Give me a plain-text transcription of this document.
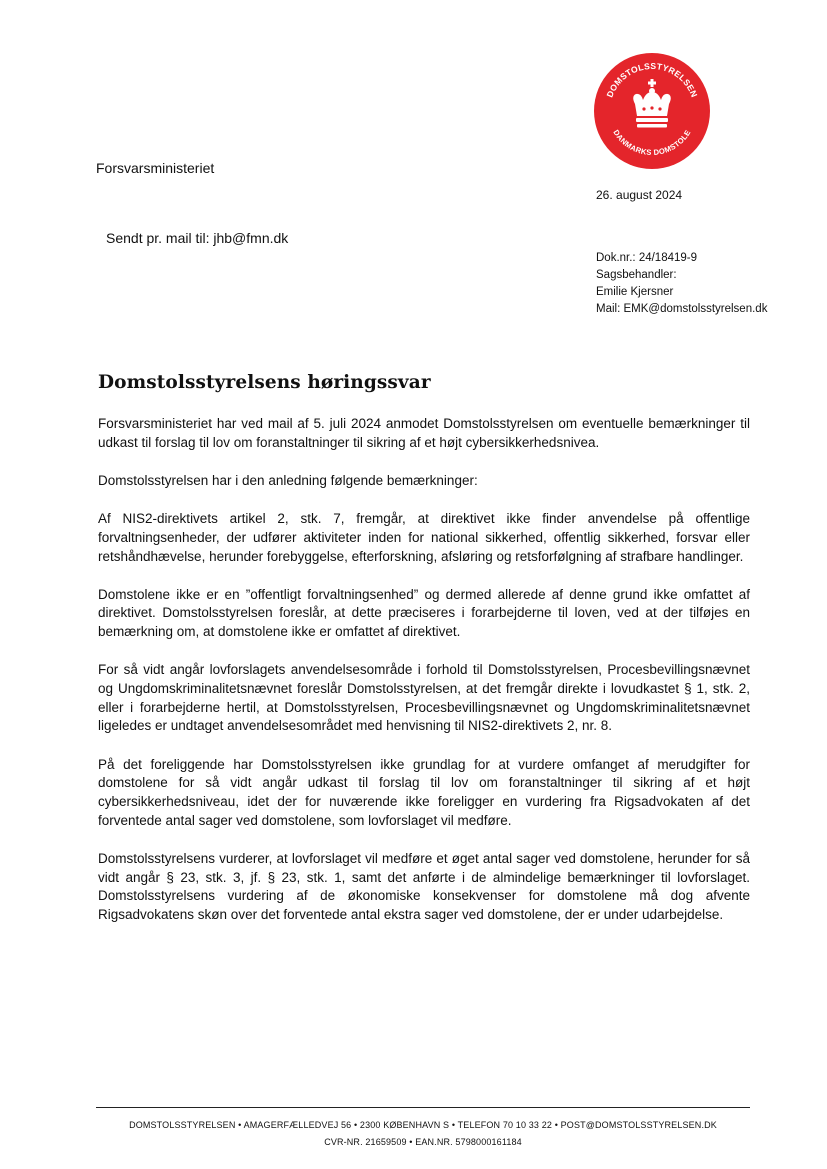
DOMSTOLSSTYRELSEN
DANMARKS DOMSTOLE
Forsvarsministeriet
26. august 2024
Sendt pr. mail til: jhb@fmn.dk
Dok.nr.: 24/18419-9
Sagsbehandler:
Emilie Kjersner
Mail: EMK@domstolsstyrelsen.dk
Domstolsstyrelsens høringssvar

Forsvarsministeriet har ved mail af 5. juli 2024 anmodet Domstolsstyrelsen om eventuelle bemærkninger til udkast til forslag til lov om foranstaltninger til sikring af et højt cybersikkerhedsnivea.

Domstolsstyrelsen har i den anledning følgende bemærkninger:

Af NIS2-direktivets artikel 2, stk. 7, fremgår, at direktivet ikke finder anvendelse på offentlige forvaltningsenheder, der udfører aktiviteter inden for national sikkerhed, offentlig sikkerhed, forsvar eller retshåndhævelse, herunder forebyggelse, efterforskning, afsløring og retsforfølgning af strafbare handlinger.

Domstolene ikke er en ”offentligt forvaltningsenhed” og dermed allerede af denne grund ikke omfattet af direktivet. Domstolsstyrelsen foreslår, at dette præciseres i forarbejderne til loven, ved at der tilføjes en bemærkning om, at domstolene ikke er omfattet af direktivet.

For så vidt angår lovforslagets anvendelsesområde i forhold til Domstolsstyrelsen, Procesbevillingsnævnet og Ungdomskriminalitetsnævnet foreslår Domstolsstyrelsen, at det fremgår direkte i lovudkastet § 1, stk. 2, eller i forarbejderne hertil, at Domstolsstyrelsen, Procesbevillingsnævnet og Ungdomskriminalitetsnævnet ligeledes er undtaget anvendelsesområdet med henvisning til NIS2-direktivets 2, nr. 8.

På det foreliggende har Domstolsstyrelsen ikke grundlag for at vurdere omfanget af merudgifter for domstolene for så vidt angår udkast til forslag til lov om foranstaltninger til sikring af et højt cybersikkerhedsniveau, idet der for nuværende ikke foreligger en vurdering fra Rigsadvokaten af det forventede antal sager ved domstolene, som lovforslaget vil medføre.

Domstolsstyrelsens vurderer, at lovforslaget vil medføre et øget antal sager ved domstolene, herunder for så vidt angår § 23, stk. 3, jf. § 23, stk. 1, samt det anførte i de almindelige bemærkninger til lovforslaget. Domstolsstyrelsens vurdering af de økonomiske konsekvenser for domstolene må dog afvente Rigsadvokatens skøn over det forventede antal ekstra sager ved domstolene, der er under udarbejdelse.

DOMSTOLSSTYRELSEN • AMAGERFÆLLEDVEJ 56 • 2300 KØBENHAVN S • TELEFON 70 10 33 22 • POST@DOMSTOLSSTYRELSEN.DK
CVR-NR. 21659509 • EAN.NR. 5798000161184
